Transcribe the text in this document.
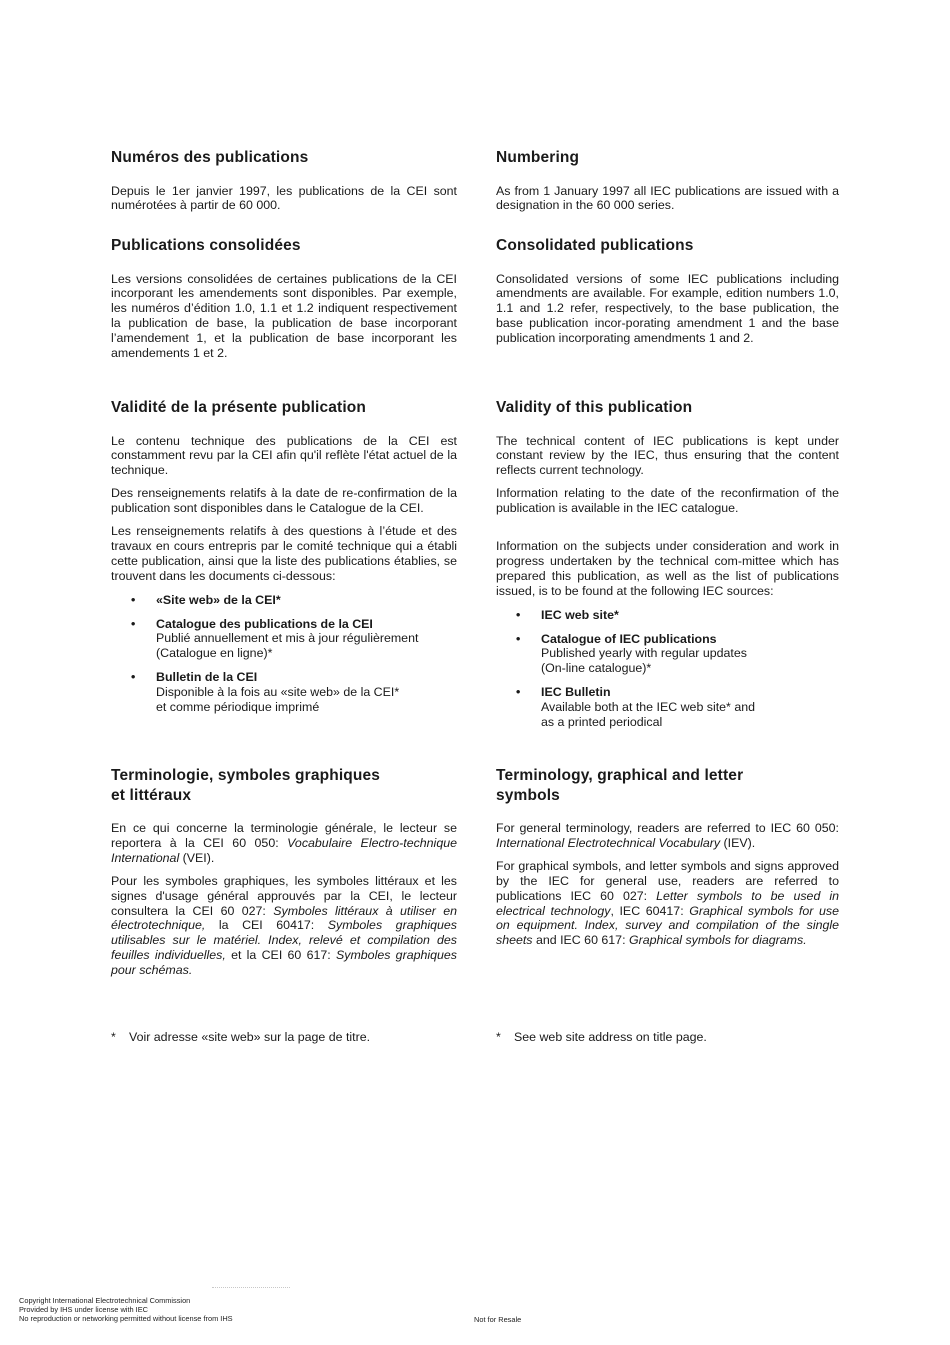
Numéros des publications

Depuis le 1er janvier 1997, les publications de la CEI sont numérotées à partir de 60 000.

Publications consolidées

Les versions consolidées de certaines publications de la CEI incorporant les amendements sont disponibles. Par exemple, les numéros d’édition 1.0, 1.1 et 1.2 indiquent respectivement la publication de base, la publication de base incorporant l’amendement 1, et la publication de base incorporant les amendements 1 et 2.

Validité de la présente publication

Le contenu technique des publications de la CEI est constamment revu par la CEI afin qu'il reflète l'état actuel de la technique.

Des renseignements relatifs à la date de re-confirmation de la publication sont disponibles dans le Catalogue de la CEI.

Les renseignements relatifs à des questions à l’étude et des travaux en cours entrepris par le comité technique qui a établi cette publication, ainsi que la liste des publications établies, se trouvent dans les documents ci-dessous:

• «Site web» de la CEI*
• Catalogue des publications de la CEI
Publié annuellement et mis à jour régulièrement
(Catalogue en ligne)*
• Bulletin de la CEI
Disponible à la fois au «site web» de la CEI*
et comme périodique imprimé
Terminologie, symboles graphiques
et littéraux

En ce qui concerne la terminologie générale, le lecteur se reportera à la CEI 60 050: Vocabulaire Electro-technique International (VEI).

Pour les symboles graphiques, les symboles littéraux et les signes d'usage général approuvés par la CEI, le lecteur consultera la CEI 60 027: Symboles littéraux à utiliser en électrotechnique, la CEI 60417: Symboles graphiques utilisables sur le matériel. Index, relevé et compilation des feuilles individuelles, et la CEI 60 617: Symboles graphiques pour schémas.

Numbering

As from 1 January 1997 all IEC publications are issued with a designation in the 60 000 series.

Consolidated publications

Consolidated versions of some IEC publications including amendments are available. For example, edition numbers 1.0, 1.1 and 1.2 refer, respectively, to the base publication, the base publication incor-porating amendment 1 and the base publication incorporating amendments 1 and 2.

Validity of this publication

The technical content of IEC publications is kept under constant review by the IEC, thus ensuring that the content reflects current technology.

Information relating to the date of the reconfirmation of the publication is available in the IEC catalogue.

Information on the subjects under consideration and work in progress undertaken by the technical com-mittee which has prepared this publication, as well as the list of publications issued, is to be found at the following IEC sources:

• IEC web site*
• Catalogue of IEC publications
Published yearly with regular updates
(On-line catalogue)*
• IEC Bulletin
Available both at the IEC web site* and
as a printed periodical
Terminology, graphical and letter
symbols

For general terminology, readers are referred to IEC 60 050: International Electrotechnical Vocabulary (IEV).

For graphical symbols, and letter symbols and signs approved by the IEC for general use, readers are referred to publications IEC 60 027: Letter symbols to be used in electrical technology, IEC 60417: Graphical symbols for use on equipment. Index, survey and compilation of the single sheets and IEC 60 617: Graphical symbols for diagrams.

* Voir adresse «site web» sur la page de titre.	* See web site address on title page.
Copyright International Electrotechnical Commission
Provided by IHS under license with IEC
No reproduction or networking permitted without license from IHS	Not for Resale
